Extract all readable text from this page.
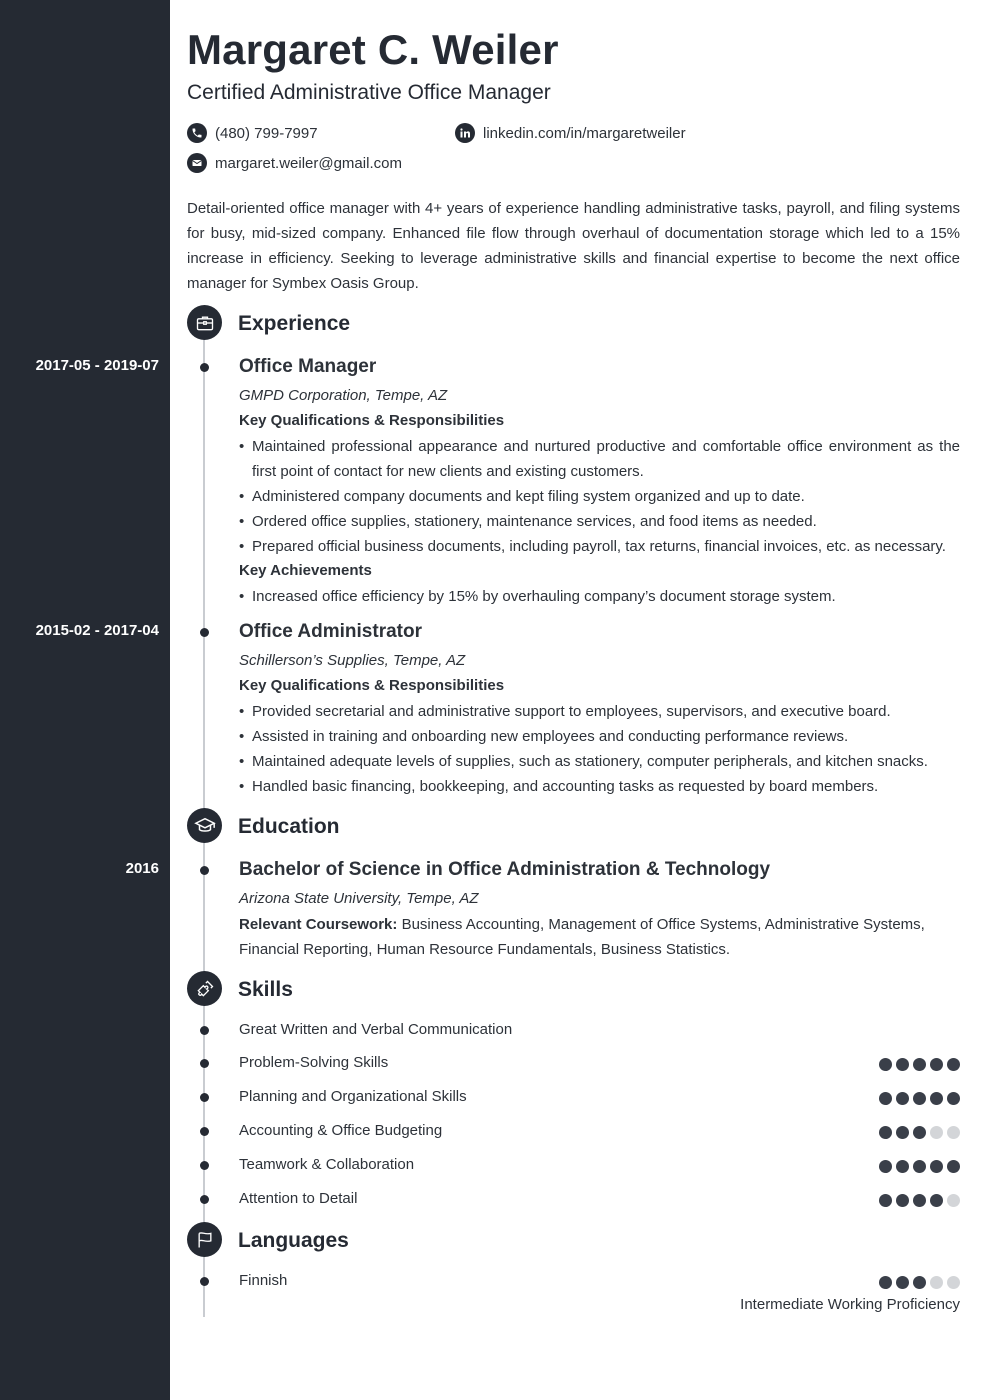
Margaret C. Weiler
Certified Administrative Office Manager
(480) 799-7997	linkedin.com/in/margaretweiler
margaret.weiler@gmail.com
Detail-oriented office manager with 4+ years of experience handling administrative tasks, payroll, and filing systems for busy, mid-sized company. Enhanced file flow through overhaul of documentation storage which led to a 15% increase in efficiency. Seeking to leverage administrative skills and financial expertise to become the next office manager for Symbex Oasis Group.
Experience
2017-05 - 2019-07	Office Manager
GMPD Corporation, Tempe, AZ
Key Qualifications & Responsibilities
• Maintained professional appearance and nurtured productive and comfortable office environment as the first point of contact for new clients and existing customers.
• Administered company documents and kept filing system organized and up to date.
• Ordered office supplies, stationery, maintenance services, and food items as needed.
• Prepared official business documents, including payroll, tax returns, financial invoices, etc. as necessary.
Key Achievements
• Increased office efficiency by 15% by overhauling company’s document storage system.
2015-02 - 2017-04	Office Administrator
Schillerson’s Supplies, Tempe, AZ
Key Qualifications & Responsibilities
• Provided secretarial and administrative support to employees, supervisors, and executive board.
• Assisted in training and onboarding new employees and conducting performance reviews.
• Maintained adequate levels of supplies, such as stationery, computer peripherals, and kitchen snacks.
• Handled basic financing, bookkeeping, and accounting tasks as requested by board members.
Education
2016	Bachelor of Science in Office Administration & Technology
Arizona State University, Tempe, AZ
Relevant Coursework: Business Accounting, Management of Office Systems, Administrative Systems, Financial Reporting, Human Resource Fundamentals, Business Statistics.
Skills
Great Written and Verbal Communication
Problem-Solving Skills
Planning and Organizational Skills
Accounting & Office Budgeting
Teamwork & Collaboration
Attention to Detail
Languages
Finnish
Intermediate Working Proficiency
